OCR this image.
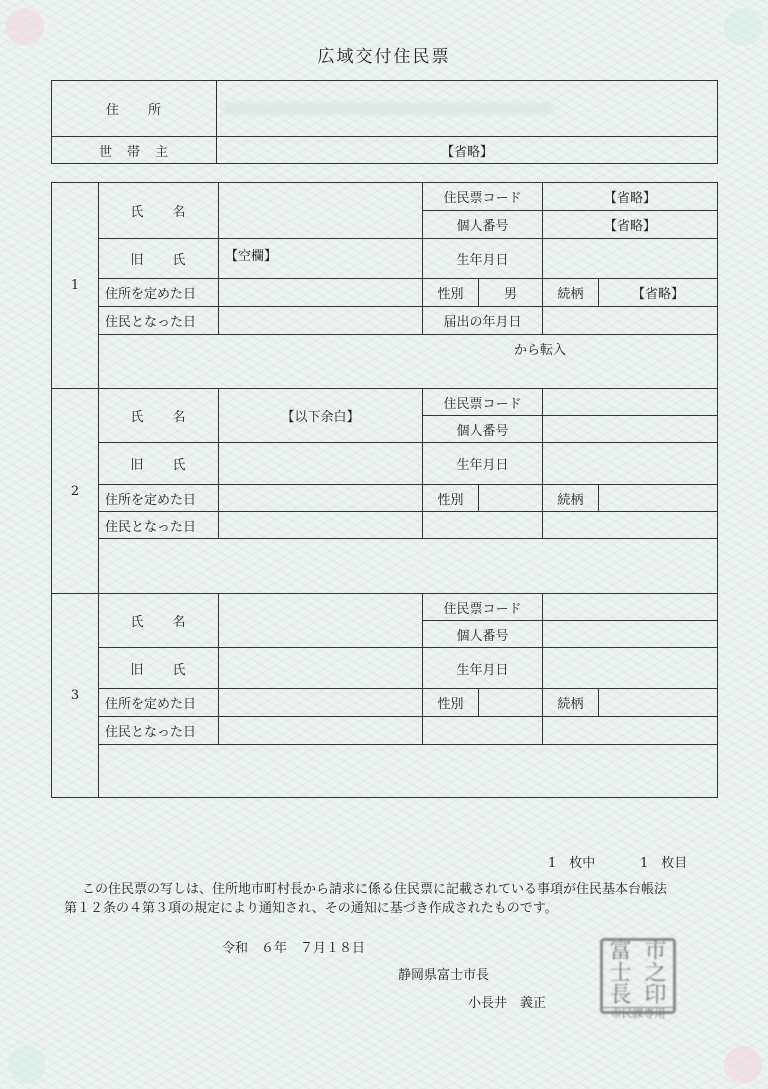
広域交付住民票
住　　所	

世　帯　主	【省略】
1	氏　　名		住民票コード		【省略】	
			個人番号		【省略】	
	旧　　氏	【空欄】	生年月日			
	住所を定めた日		性別	男	続柄	【省略】
	住民となった日		届出の年月日			
	から転入					
2	氏　　名	【以下余白】	住民票コード			
			個人番号			
	旧　　氏		生年月日			
	住所を定めた日		性別		続柄	
	住民となった日					

3	氏　　名		住民票コード			
			個人番号			
	旧　　氏		生年月日			
	住所を定めた日		性別		続柄	
	住民となった日					

1　枚中	1　枚目
この住民票の写しは、住所地市町村長から請求に係る住民票に記載されている事項が住民基本台帳法
第１２条の４第３項の規定により通知され、その通知に基づき作成されたものです。
令和　６年　７月１８日
静岡県富士市長
小長井　義正
富 市
士 之
長 印
市民課専用
